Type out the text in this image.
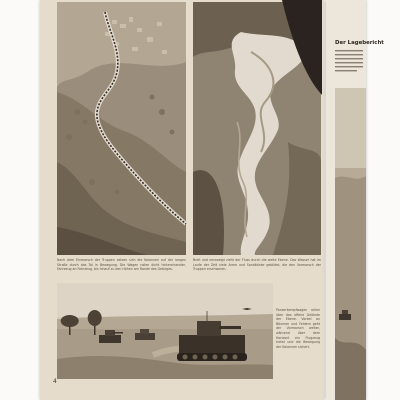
Nach dem Einmarsch der Truppen setzen sich die Kolonnen auf der langen Straße durch das Tal in Bewegung. Die Wagen rollen dicht hintereinander, Fahrzeug an Fahrzeug, bis hinauf zu den Höhen am Rande des Gebirges.

Breit und verzweigt zieht der Fluss durch die weite Ebene. Das Wasser hat im Laufe der Zeit viele Arme und Sandbänke gebildet, die den Vormarsch der Truppen erschweren.

Panzerkampfwagen rollen über das offene Gelände der Ebene. Vorbei an Bäumen und Feldern geht der Vormarsch weiter, während über dem Horizont ein Flugzeug kreist und die Bewegung der Kolonnen sichert.

4
Der Lagebericht
